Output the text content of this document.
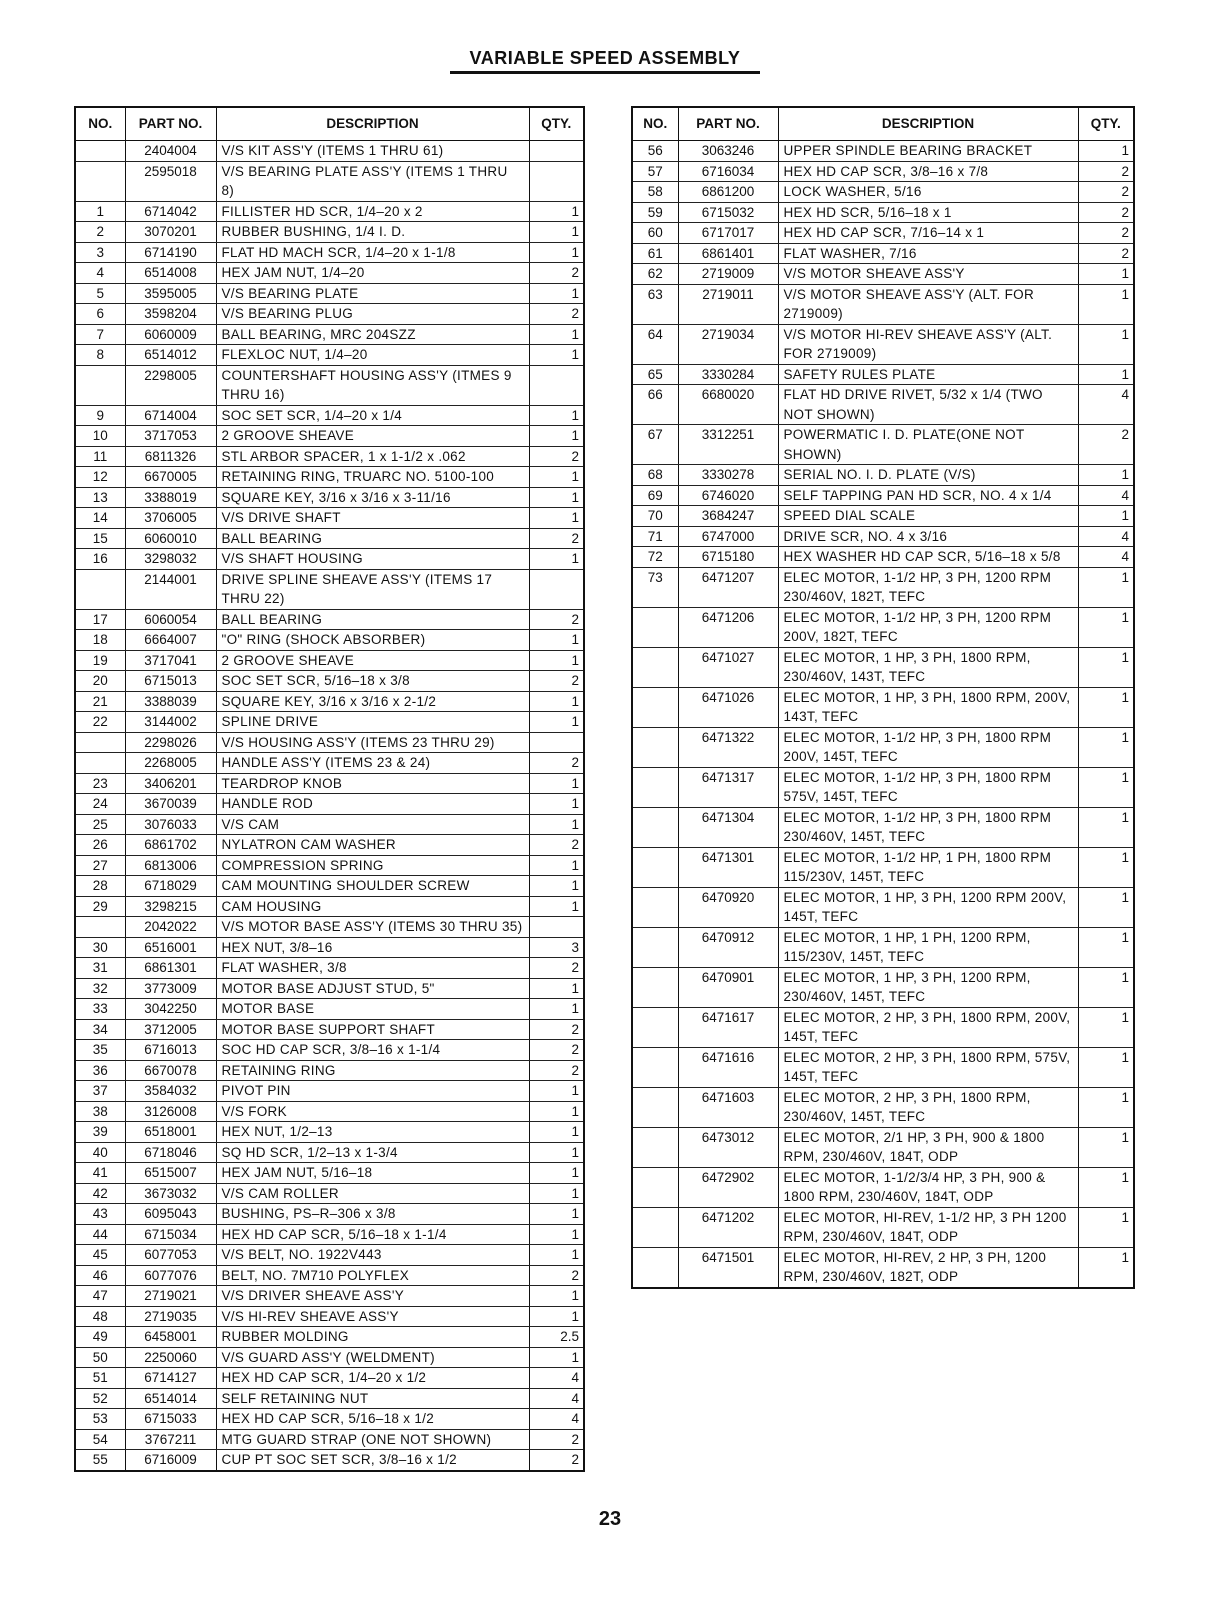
VARIABLE SPEED ASSEMBLY
NO.	PART NO.	DESCRIPTION	QTY.
	2404004	V/S KIT ASS'Y (ITEMS 1 THRU 61)	
	2595018	V/S BEARING PLATE ASS'Y (ITEMS 1 THRU 8)	
1	6714042	FILLISTER HD SCR, 1/4–20 x 2	1
2	3070201	RUBBER BUSHING, 1/4 I. D.	1
3	6714190	FLAT HD MACH SCR, 1/4–20 x 1-1/8	1
4	6514008	HEX JAM NUT, 1/4–20	2
5	3595005	V/S BEARING PLATE	1
6	3598204	V/S BEARING PLUG	2
7	6060009	BALL BEARING, MRC 204SZZ	1
8	6514012	FLEXLOC NUT, 1/4–20	1
	2298005	COUNTERSHAFT HOUSING ASS'Y (ITMES 9 THRU 16)	
9	6714004	SOC SET SCR, 1/4–20 x 1/4	1
10	3717053	2 GROOVE SHEAVE	1
11	6811326	STL ARBOR SPACER, 1 x 1-1/2 x .062	2
12	6670005	RETAINING RING, TRUARC NO. 5100-100	1
13	3388019	SQUARE KEY, 3/16 x 3/16 x 3-11/16	1
14	3706005	V/S DRIVE SHAFT	1
15	6060010	BALL BEARING	2
16	3298032	V/S SHAFT HOUSING	1
	2144001	DRIVE SPLINE SHEAVE ASS'Y (ITEMS 17 THRU 22)	
17	6060054	BALL BEARING	2
18	6664007	"O" RING (SHOCK ABSORBER)	1
19	3717041	2 GROOVE SHEAVE	1
20	6715013	SOC SET SCR, 5/16–18 x 3/8	2
21	3388039	SQUARE KEY, 3/16 x 3/16 x 2-1/2	1
22	3144002	SPLINE DRIVE	1
	2298026	V/S HOUSING ASS'Y (ITEMS 23 THRU 29)	
	2268005	HANDLE ASS'Y (ITEMS 23 & 24)	2
23	3406201	TEARDROP KNOB	1
24	3670039	HANDLE ROD	1
25	3076033	V/S CAM	1
26	6861702	NYLATRON CAM WASHER	2
27	6813006	COMPRESSION SPRING	1
28	6718029	CAM MOUNTING SHOULDER SCREW	1
29	3298215	CAM HOUSING	1
	2042022	V/S MOTOR BASE ASS'Y (ITEMS 30 THRU 35)	
30	6516001	HEX NUT, 3/8–16	3
31	6861301	FLAT WASHER, 3/8	2
32	3773009	MOTOR BASE ADJUST STUD, 5"	1
33	3042250	MOTOR BASE	1
34	3712005	MOTOR BASE SUPPORT SHAFT	2
35	6716013	SOC HD CAP SCR, 3/8–16 x 1-1/4	2
36	6670078	RETAINING RING	2
37	3584032	PIVOT PIN	1
38	3126008	V/S FORK	1
39	6518001	HEX NUT, 1/2–13	1
40	6718046	SQ HD SCR, 1/2–13 x 1-3/4	1
41	6515007	HEX JAM NUT, 5/16–18	1
42	3673032	V/S CAM ROLLER	1
43	6095043	BUSHING, PS–R–306 x 3/8	1
44	6715034	HEX HD CAP SCR, 5/16–18 x 1-1/4	1
45	6077053	V/S BELT, NO. 1922V443	1
46	6077076	BELT, NO. 7M710 POLYFLEX	2
47	2719021	V/S DRIVER SHEAVE ASS'Y	1
48	2719035	V/S HI-REV SHEAVE ASS'Y	1
49	6458001	RUBBER MOLDING	2.5
50	2250060	V/S GUARD ASS'Y (WELDMENT)	1
51	6714127	HEX HD CAP SCR, 1/4–20 x 1/2	4
52	6514014	SELF RETAINING NUT	4
53	6715033	HEX HD CAP SCR, 5/16–18 x 1/2	4
54	3767211	MTG GUARD STRAP (ONE NOT SHOWN)	2
55	6716009	CUP PT SOC SET SCR, 3/8–16 x 1/2	2
NO.	PART NO.	DESCRIPTION	QTY.
56	3063246	UPPER SPINDLE BEARING BRACKET	1
57	6716034	HEX HD CAP SCR, 3/8–16 x 7/8	2
58	6861200	LOCK WASHER, 5/16	2
59	6715032	HEX HD SCR, 5/16–18 x 1	2
60	6717017	HEX HD CAP SCR, 7/16–14 x 1	2
61	6861401	FLAT WASHER, 7/16	2
62	2719009	V/S MOTOR SHEAVE ASS'Y	1
63	2719011	V/S MOTOR SHEAVE ASS'Y (ALT. FOR 2719009)	1
64	2719034	V/S MOTOR HI-REV SHEAVE ASS'Y (ALT. FOR 2719009)	1
65	3330284	SAFETY RULES PLATE	1
66	6680020	FLAT HD DRIVE RIVET, 5/32 x 1/4 (TWO NOT SHOWN)	4
67	3312251	POWERMATIC I. D. PLATE(ONE NOT SHOWN)	2
68	3330278	SERIAL NO. I. D. PLATE (V/S)	1
69	6746020	SELF TAPPING PAN HD SCR, NO. 4 x 1/4	4
70	3684247	SPEED DIAL SCALE	1
71	6747000	DRIVE SCR, NO. 4 x 3/16	4
72	6715180	HEX WASHER HD CAP SCR, 5/16–18 x 5/8	4
73	6471207	ELEC MOTOR, 1-1/2 HP, 3 PH, 1200 RPM 230/460V, 182T, TEFC	1
	6471206	ELEC MOTOR, 1-1/2 HP, 3 PH, 1200 RPM 200V, 182T, TEFC	1
	6471027	ELEC MOTOR, 1 HP, 3 PH, 1800 RPM, 230/460V, 143T, TEFC	1
	6471026	ELEC MOTOR, 1 HP, 3 PH, 1800 RPM, 200V, 143T, TEFC	1
	6471322	ELEC MOTOR, 1-1/2 HP, 3 PH, 1800 RPM 200V, 145T, TEFC	1
	6471317	ELEC MOTOR, 1-1/2 HP, 3 PH, 1800 RPM 575V, 145T, TEFC	1
	6471304	ELEC MOTOR, 1-1/2 HP, 3 PH, 1800 RPM 230/460V, 145T, TEFC	1
	6471301	ELEC MOTOR, 1-1/2 HP, 1 PH, 1800 RPM 115/230V, 145T, TEFC	1
	6470920	ELEC MOTOR, 1 HP, 3 PH, 1200 RPM 200V, 145T, TEFC	1
	6470912	ELEC MOTOR, 1 HP, 1 PH, 1200 RPM, 115/230V, 145T, TEFC	1
	6470901	ELEC MOTOR, 1 HP, 3 PH, 1200 RPM, 230/460V, 145T, TEFC	1
	6471617	ELEC MOTOR, 2 HP, 3 PH, 1800 RPM, 200V, 145T, TEFC	1
	6471616	ELEC MOTOR, 2 HP, 3 PH, 1800 RPM, 575V, 145T, TEFC	1
	6471603	ELEC MOTOR, 2 HP, 3 PH, 1800 RPM, 230/460V, 145T, TEFC	1
	6473012	ELEC MOTOR, 2/1 HP, 3 PH, 900 & 1800 RPM, 230/460V, 184T, ODP	1
	6472902	ELEC MOTOR, 1-1/2/3/4 HP, 3 PH, 900 & 1800 RPM, 230/460V, 184T, ODP	1
	6471202	ELEC MOTOR, HI-REV, 1-1/2 HP, 3 PH 1200 RPM, 230/460V, 184T, ODP	1
	6471501	ELEC MOTOR, HI-REV, 2 HP, 3 PH, 1200 RPM, 230/460V, 182T, ODP	1
23
